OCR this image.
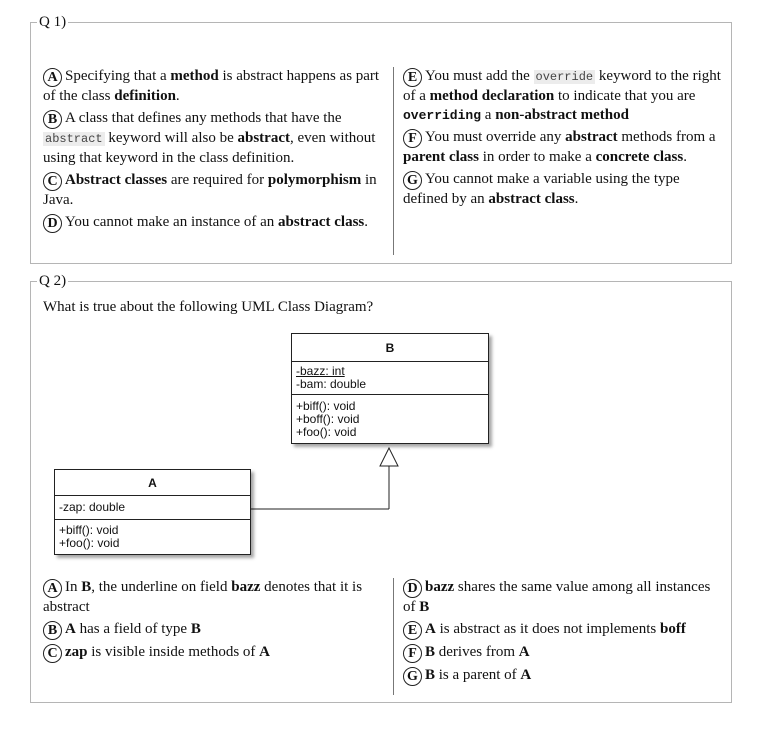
Q 1)
A Specifying that a method is abstract happens as part of the class definition.
B A class that defines any methods that have the abstract keyword will also be abstract, even without using that keyword in the class definition.
C Abstract classes are required for polymorphism in Java.
D You cannot make an instance of an abstract class.
E You must add the override keyword to the right of a method declaration to indicate that you are overriding a non-abstract method
F You must override any abstract methods from a parent class in order to make a concrete class.
G You cannot make a variable using the type defined by an abstract class.
Q 2)
What is true about the following UML Class Diagram?
B
-bazz: int
-bam: double
+biff(): void
+boff(): void
+foo(): void
A
-zap: double
+biff(): void
+foo(): void
A In B, the underline on field bazz denotes that it is abstract
B A has a field of type B
C zap is visible inside methods of A
D bazz shares the same value among all instances of B
E A is abstract as it does not implements boff
F B derives from A
G B is a parent of A
